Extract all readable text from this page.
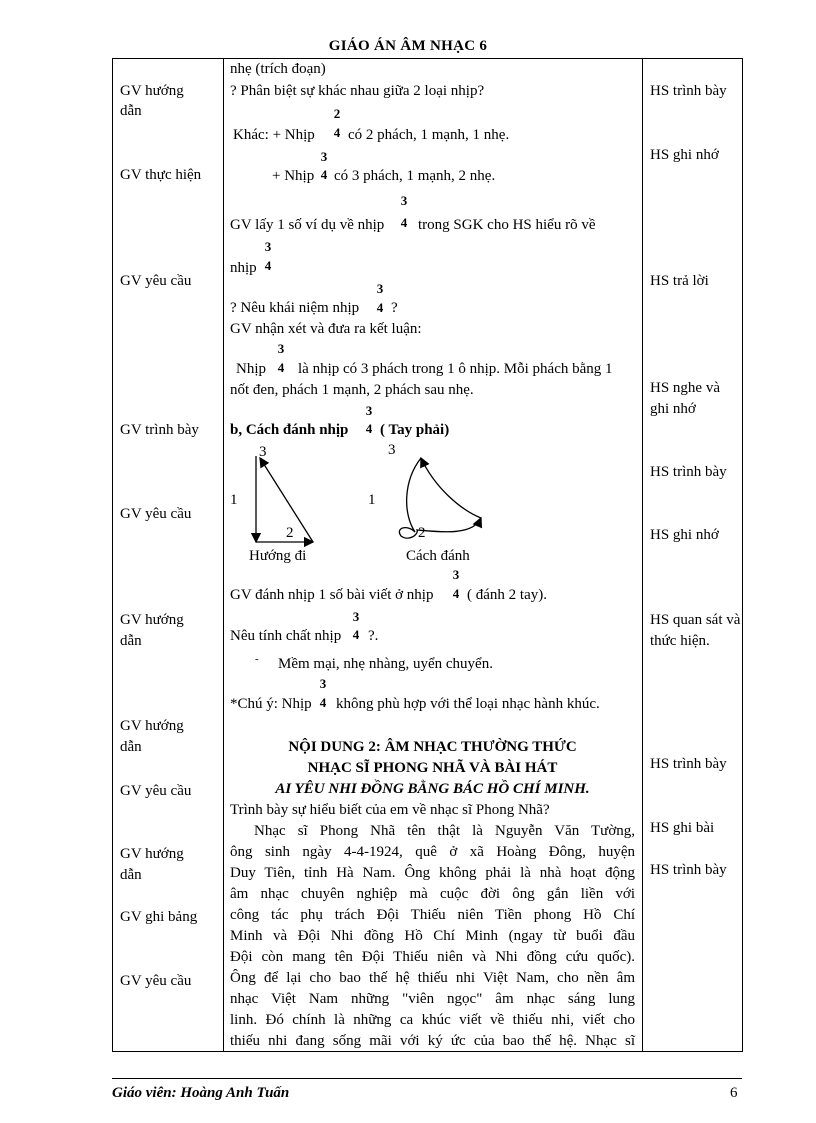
GIÁO ÁN ÂM NHẠC 6
GV hướng
dẫn
GV thực hiện
GV yêu cầu
GV trình bày
GV yêu cầu
GV hướng
dẫn
GV hướng
dẫn
GV yêu cầu
GV hướng
dẫn
GV ghi bảng
GV yêu cầu
HS trình bày
HS ghi nhớ
HS trả lời
HS nghe và
ghi nhớ
HS trình bày
HS ghi nhớ
HS quan sát và
thức hiện.
HS trình bày
HS ghi bài
HS trình bày
nhẹ (trích đoạn)
? Phân biệt sự khác nhau giữa 2 loại nhịp?
2
Khác: + Nhịp 4 có 2 phách, 1 mạnh, 1 nhẹ.
3
+ Nhịp 4 có 3 phách, 1 mạnh, 2 nhẹ.
3
GV lấy 1 số ví dụ về nhịp 4 trong SGK cho HS hiểu rõ về
3
nhịp 4
3
? Nêu khái niệm nhịp 4 ?
GV nhận xét và đưa ra kết luận:
3
Nhịp 4 là nhịp có 3 phách trong 1 ô nhịp. Mỗi phách bằng 1
nốt đen, phách 1 mạnh, 2 phách sau nhẹ.
3
b, Cách đánh nhịp 4 ( Tay phải)
3
1
2
Hướng đi
3
1
2
Cách đánh
3
GV đánh nhịp 1 số bài viết ở nhịp 4 ( đánh 2 tay).
3
Nêu tính chất nhịp 4 ?.
- Mềm mại, nhẹ nhàng, uyển chuyển.
3
*Chú ý: Nhịp 4 không phù hợp với thể loại nhạc hành khúc.
NỘI DUNG 2: ÂM NHẠC THƯỜNG THỨC
NHẠC SĨ PHONG NHÃ VÀ BÀI HÁT
AI YÊU NHI ĐỒNG BẰNG BÁC HỒ CHÍ MINH.
Trình bày sự hiểu biết của em về nhạc sĩ Phong Nhã?
Nhạc sĩ Phong Nhã tên thật là Nguyễn Văn Tường,
ông sinh ngày 4-4-1924, quê ở xã Hoàng Đông, huyện
Duy Tiên, tỉnh Hà Nam. Ông không phải là nhà hoạt động
âm nhạc chuyên nghiệp mà cuộc đời ông gắn liền với
công tác phụ trách Đội Thiếu niên Tiền phong Hồ Chí
Minh và Đội Nhi đồng Hồ Chí Minh (ngay từ buổi đầu
Đội còn mang tên Đội Thiếu niên và Nhi đồng cứu quốc).
Ông để lại cho bao thế hệ thiếu nhi Việt Nam, cho nền âm
nhạc Việt Nam những "viên ngọc" âm nhạc sáng lung
linh. Đó chính là những ca khúc viết về thiếu nhi, viết cho
thiếu nhi đang sống mãi với ký ức của bao thế hệ. Nhạc sĩ
Giáo viên: Hoàng Anh Tuấn	6
